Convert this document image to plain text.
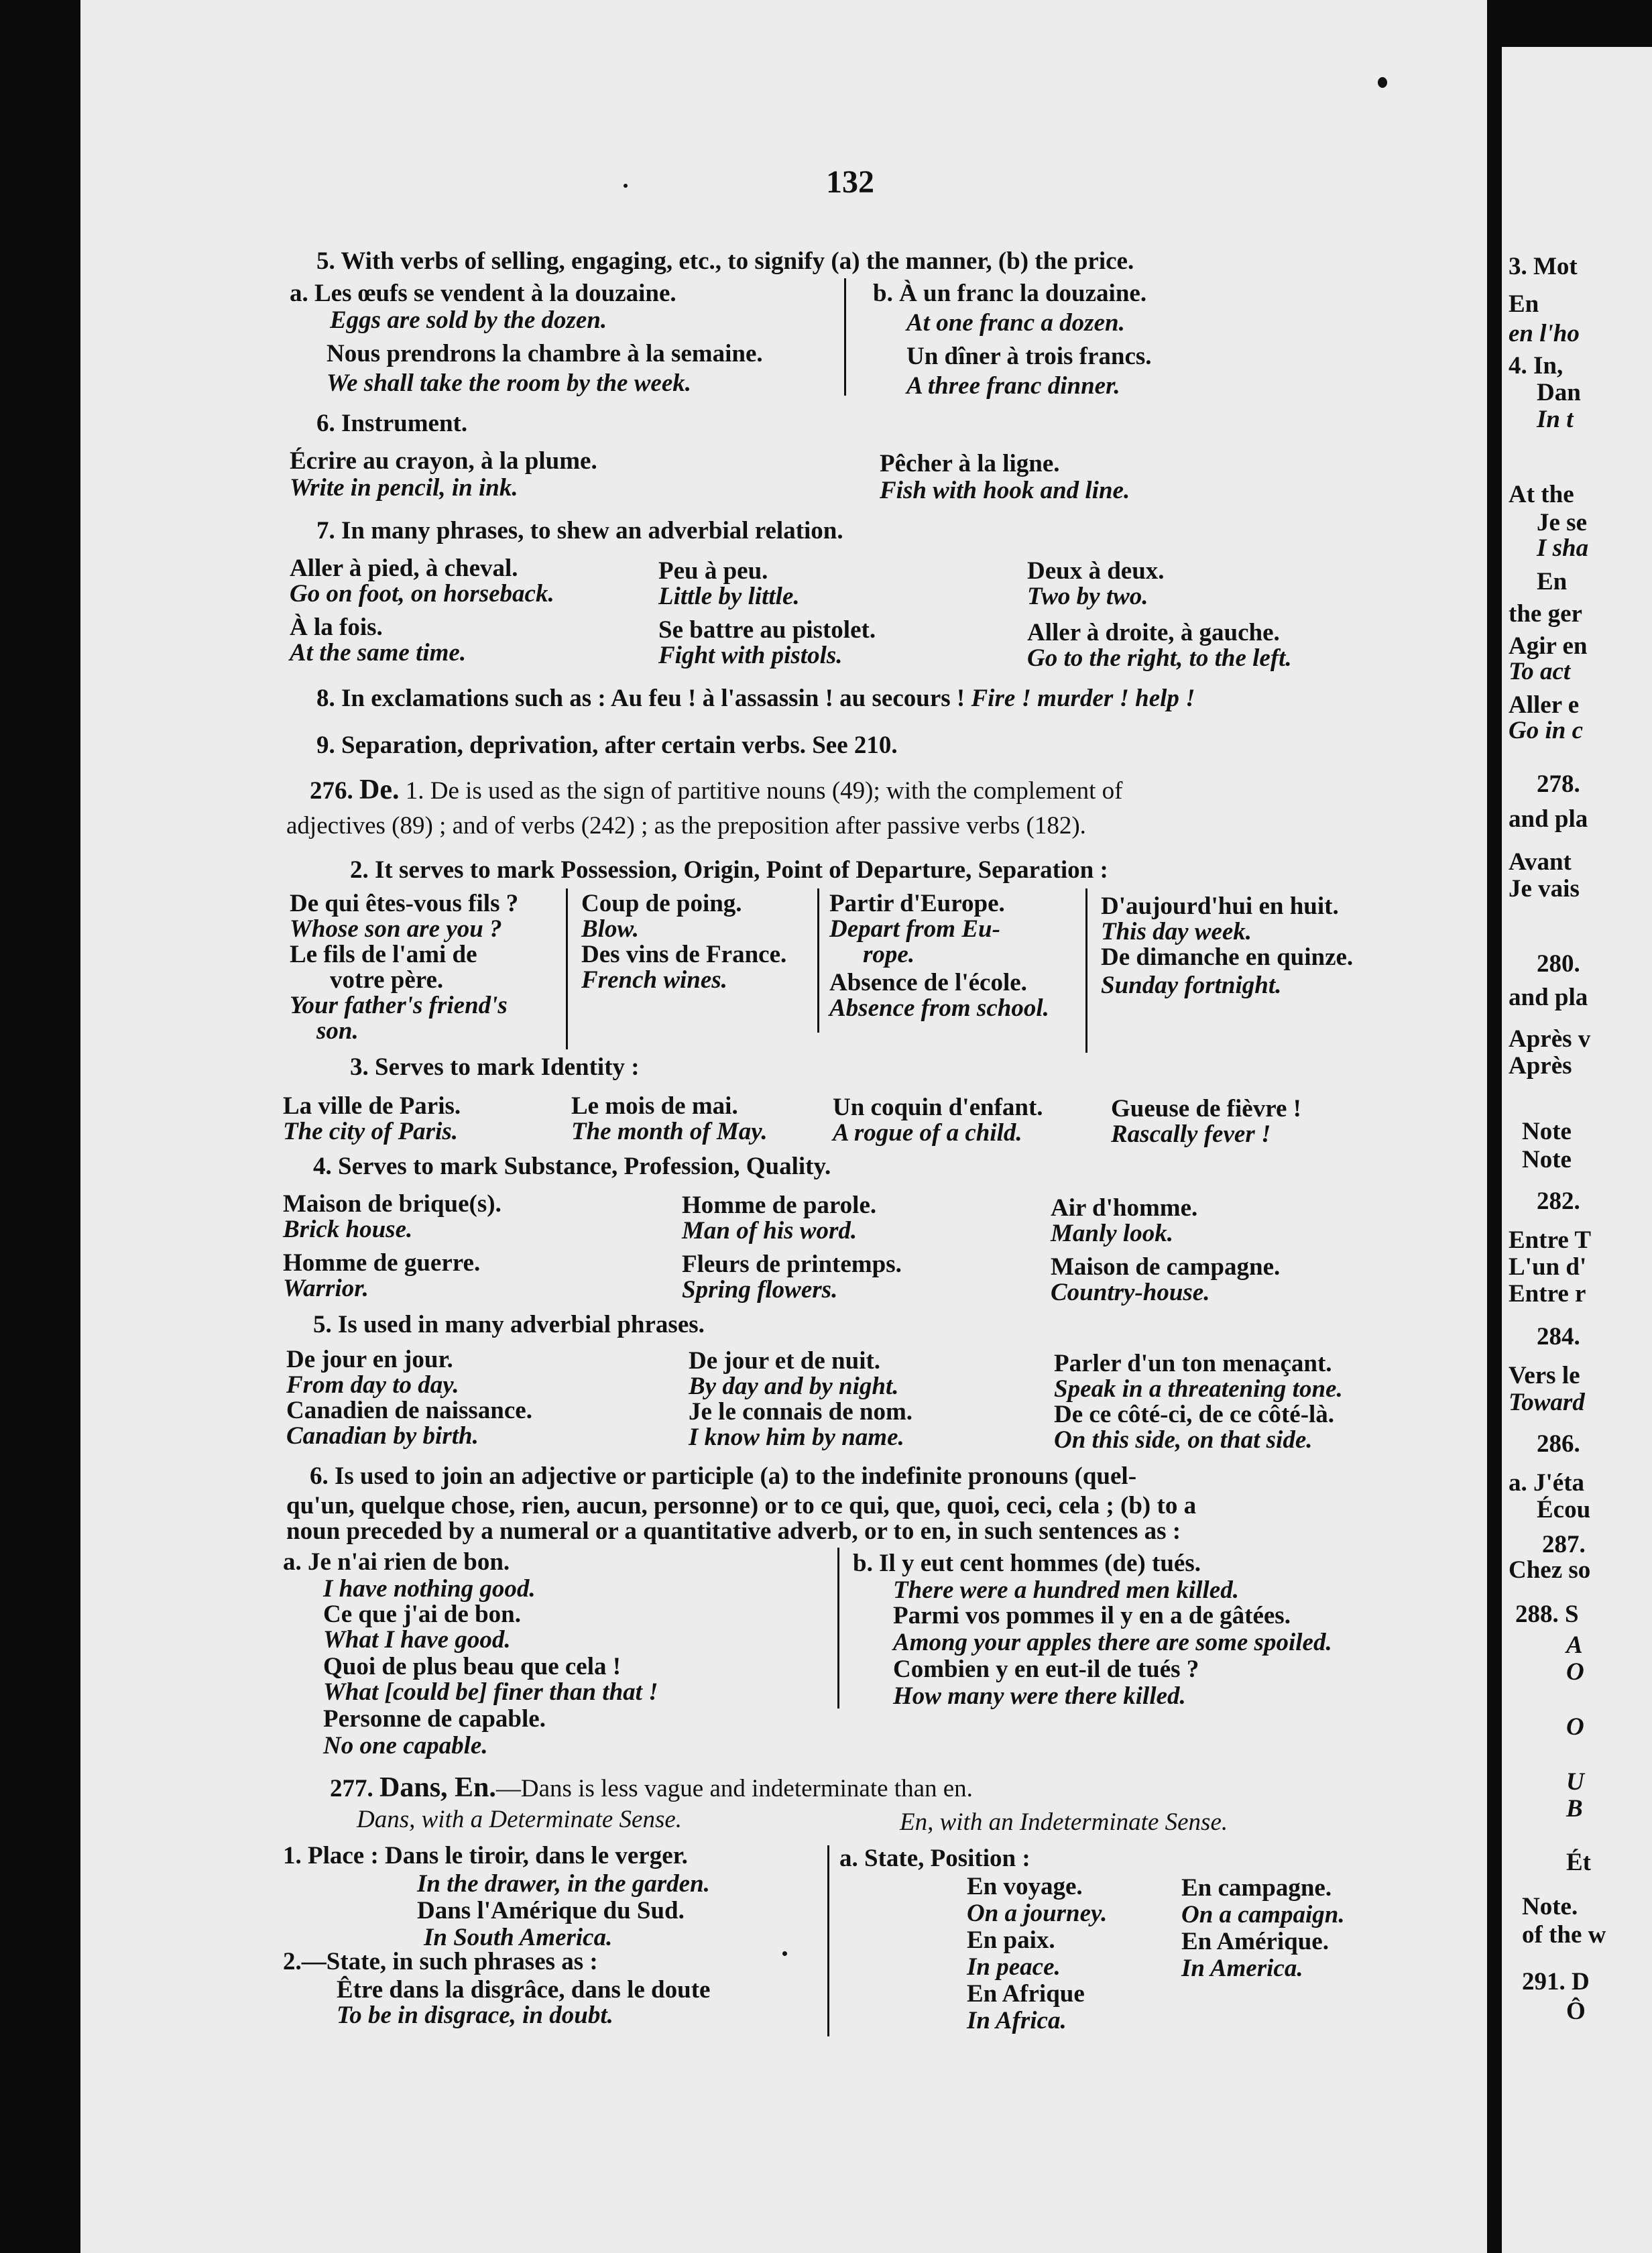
132
5. With verbs of selling, engaging, etc., to signify (a) the manner, (b) the price.
a. Les œufs se vendent à la douzaine.
Eggs are sold by the dozen.
Nous prendrons la chambre à la semaine.
We shall take the room by the week.
b. À un franc la douzaine.
At one franc a dozen.
Un dîner à trois francs.
A three franc dinner.
6. Instrument.
Écrire au crayon, à la plume.
Write in pencil, in ink.
Pêcher à la ligne.
Fish with hook and line.
7. In many phrases, to shew an adverbial relation.
Aller à pied, à cheval.
Go on foot, on horseback.
À la fois.
At the same time.
Peu à peu.
Little by little.
Se battre au pistolet.
Fight with pistols.
Deux à deux.
Two by two.
Aller à droite, à gauche.
Go to the right, to the left.
8. In exclamations such as : Au feu ! à l'assassin ! au secours ! Fire ! murder ! help !
9. Separation, deprivation, after certain verbs. See 210.
276. De. 1. De is used as the sign of partitive nouns (49); with the complement of
adjectives (89) ; and of verbs (242) ; as the preposition after passive verbs (182).
2. It serves to mark Possession, Origin, Point of Departure, Separation :
De qui êtes-vous fils ?
Whose son are you ?
Le fils de l'ami de
votre père.
Your father's friend's
son.
Coup de poing.
Blow.
Des vins de France.
French wines.
Partir d'Europe.
Depart from Eu-
rope.
Absence de l'école.
Absence from school.
D'aujourd'hui en huit.
This day week.
De dimanche en quinze.
Sunday fortnight.
3. Serves to mark Identity :
La ville de Paris.
The city of Paris.
Le mois de mai.
The month of May.
Un coquin d'enfant.
A rogue of a child.
Gueuse de fièvre !
Rascally fever !
4. Serves to mark Substance, Profession, Quality.
Maison de brique(s).
Brick house.
Homme de parole.
Man of his word.
Air d'homme.
Manly look.
Homme de guerre.
Warrior.
Fleurs de printemps.
Spring flowers.
Maison de campagne.
Country-house.
5. Is used in many adverbial phrases.
De jour en jour.
From day to day.
Canadien de naissance.
Canadian by birth.
De jour et de nuit.
By day and by night.
Je le connais de nom.
I know him by name.
Parler d'un ton menaçant.
Speak in a threatening tone.
De ce côté-ci, de ce côté-là.
On this side, on that side.
6. Is used to join an adjective or participle (a) to the indefinite pronouns (quel-
qu'un, quelque chose, rien, aucun, personne) or to ce qui, que, quoi, ceci, cela ; (b) to a
noun preceded by a numeral or a quantitative adverb, or to en, in such sentences as :
a. Je n'ai rien de bon.
I have nothing good.
Ce que j'ai de bon.
What I have good.
Quoi de plus beau que cela !
What [could be] finer than that !
Personne de capable.
No one capable.
b. Il y eut cent hommes (de) tués.
There were a hundred men killed.
Parmi vos pommes il y en a de gâtées.
Among your apples there are some spoiled.
Combien y en eut-il de tués ?
How many were there killed.
277. Dans, En.—Dans is less vague and indeterminate than en.
Dans, with a Determinate Sense.	En, with an Indeterminate Sense.
1. Place : Dans le tiroir, dans le verger.
In the drawer, in the garden.
Dans l'Amérique du Sud.
In South America.
2.—State, in such phrases as :
Être dans la disgrâce, dans le doute
To be in disgrace, in doubt.
a. State, Position :
En voyage.
On a journey.
En paix.
In peace.
En Afrique
In Africa.
En campagne.
On a campaign.
En Amérique.
In America.
3. Mot
En
en l'ho
4. In,
Dan
In t
At the
Je se
I sha
En
the ger
Agir en
To act
Aller e
Go in c
278.
and pla
Avant
Je vais
280.
and pla
Après v
Après
Note
Note
282.
Entre T
L'un d'
Entre r
284.
Vers le
Toward
286.
a. J'éta
Écou
287.
Chez so
288. S
A
O
O
U
B
Ét
Note.
of the w
291. D
Ô
